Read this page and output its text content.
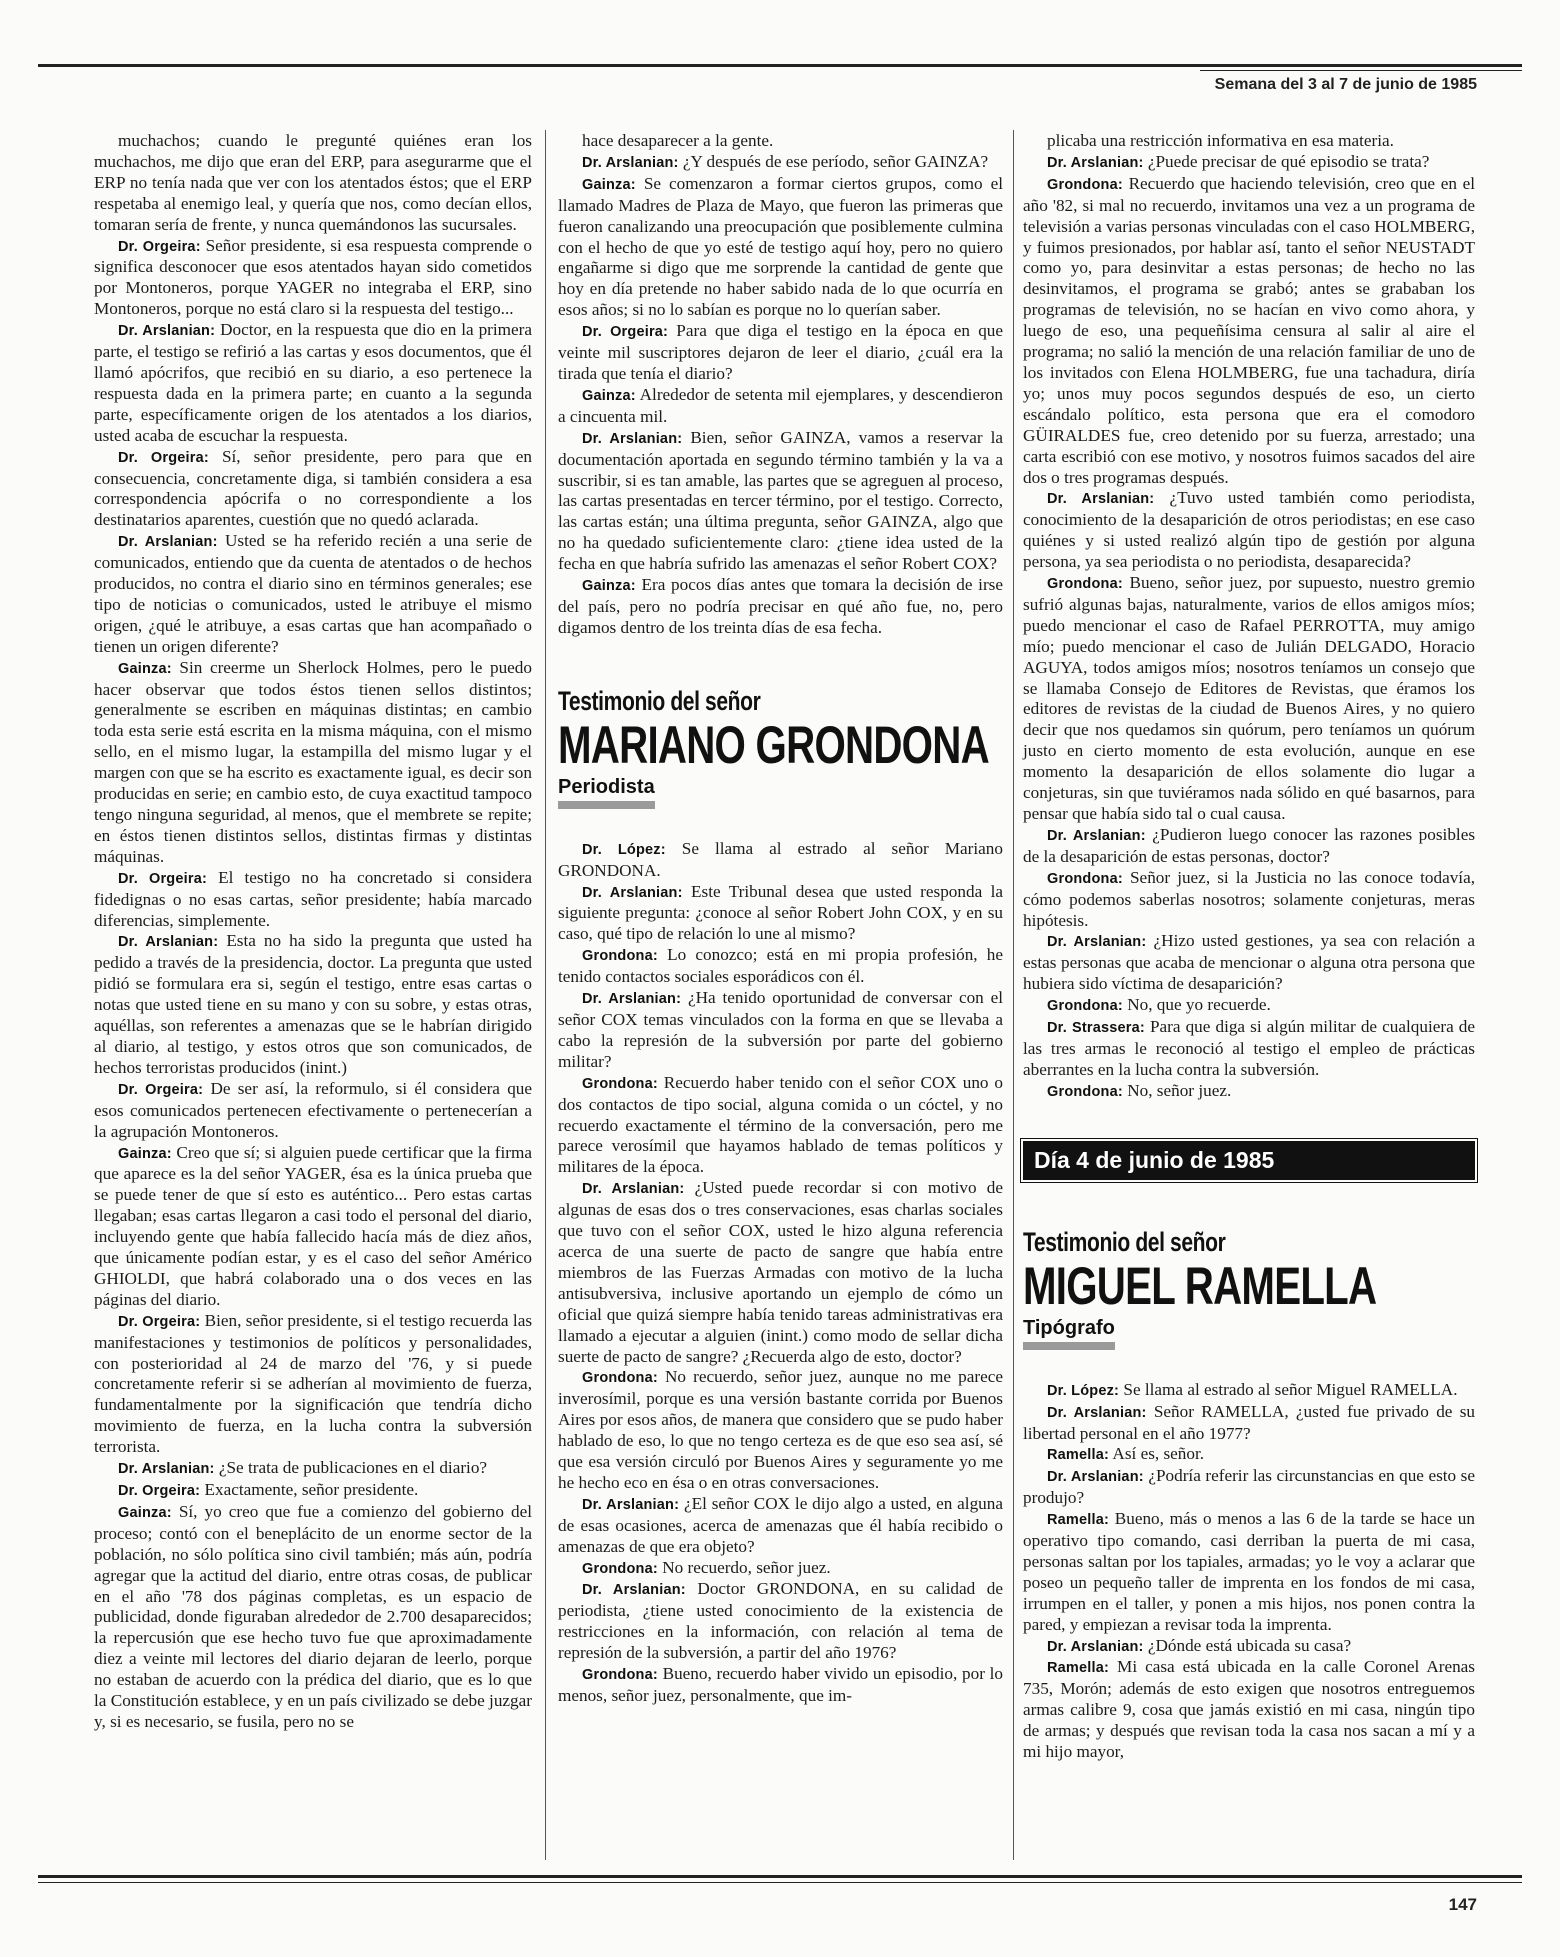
Semana del 3 al 7 de junio de 1985

muchachos; cuando le pregunté quiénes eran los muchachos, me dijo que eran del ERP, para asegurarme que el ERP no tenía nada que ver con los atentados éstos; que el ERP respetaba al enemigo leal, y quería que nos, como decían ellos, tomaran sería de frente, y nunca quemándonos las sucursales.

Dr. Orgeira: Señor presidente, si esa respuesta comprende o significa desconocer que esos atentados hayan sido cometidos por Montoneros, porque YAGER no integraba el ERP, sino Montoneros, porque no está claro si la respuesta del testigo...

Dr. Arslanian: Doctor, en la respuesta que dio en la primera parte, el testigo se refirió a las cartas y esos documentos, que él llamó apócrifos, que recibió en su diario, a eso pertenece la respuesta dada en la primera parte; en cuanto a la segunda parte, específicamente origen de los atentados a los diarios, usted acaba de escuchar la respuesta.

Dr. Orgeira: Sí, señor presidente, pero para que en consecuencia, concretamente diga, si también considera a esa correspondencia apócrifa o no correspondiente a los destinatarios aparentes, cuestión que no quedó aclarada.

Dr. Arslanian: Usted se ha referido recién a una serie de comunicados, entiendo que da cuenta de atentados o de hechos producidos, no contra el diario sino en términos generales; ese tipo de noticias o comunicados, usted le atribuye el mismo origen, ¿qué le atribuye, a esas cartas que han acompañado o tienen un origen diferente?

Gainza: Sin creerme un Sherlock Holmes, pero le puedo hacer observar que todos éstos tienen sellos distintos; generalmente se escriben en máquinas distintas; en cambio toda esta serie está escrita en la misma máquina, con el mismo sello, en el mismo lugar, la estampilla del mismo lugar y el margen con que se ha escrito es exactamente igual, es decir son producidas en serie; en cambio esto, de cuya exactitud tampoco tengo ninguna seguridad, al menos, que el membrete se repite; en éstos tienen distintos sellos, distintas firmas y distintas máquinas.

Dr. Orgeira: El testigo no ha concretado si considera fidedignas o no esas cartas, señor presidente; había marcado diferencias, simplemente.

Dr. Arslanian: Esta no ha sido la pregunta que usted ha pedido a través de la presidencia, doctor. La pregunta que usted pidió se formulara era si, según el testigo, entre esas cartas o notas que usted tiene en su mano y con su sobre, y estas otras, aquéllas, son referentes a amenazas que se le habrían dirigido al diario, al testigo, y estos otros que son comunicados, de hechos terroristas producidos (inint.)

Dr. Orgeira: De ser así, la reformulo, si él considera que esos comunicados pertenecen efectivamente o pertenecerían a la agrupación Montoneros.

Gainza: Creo que sí; si alguien puede certificar que la firma que aparece es la del señor YAGER, ésa es la única prueba que se puede tener de que sí esto es auténtico... Pero estas cartas llegaban; esas cartas llegaron a casi todo el personal del diario, incluyendo gente que había fallecido hacía más de diez años, que únicamente podían estar, y es el caso del señor Américo GHIOLDI, que habrá colaborado una o dos veces en las páginas del diario.

Dr. Orgeira: Bien, señor presidente, si el testigo recuerda las manifestaciones y testimonios de políticos y personalidades, con posterioridad al 24 de marzo del '76, y si puede concretamente referir si se adherían al movimiento de fuerza, fundamentalmente por la significación que tendría dicho movimiento de fuerza, en la lucha contra la subversión terrorista.

Dr. Arslanian: ¿Se trata de publicaciones en el diario?

Dr. Orgeira: Exactamente, señor presidente.

Gainza: Sí, yo creo que fue a comienzo del gobierno del proceso; contó con el beneplácito de un enorme sector de la población, no sólo política sino civil también; más aún, podría agregar que la actitud del diario, entre otras cosas, de publicar en el año '78 dos páginas completas, es un espacio de publicidad, donde figuraban alrededor de 2.700 desaparecidos; la repercusión que ese hecho tuvo fue que aproximadamente diez a veinte mil lectores del diario dejaran de leerlo, porque no estaban de acuerdo con la prédica del diario, que es lo que la Constitución establece, y en un país civilizado se debe juzgar y, si es necesario, se fusila, pero no se

hace desaparecer a la gente.

Dr. Arslanian: ¿Y después de ese período, señor GAINZA?

Gainza: Se comenzaron a formar ciertos grupos, como el llamado Madres de Plaza de Mayo, que fueron las primeras que fueron canalizando una preocupación que posiblemente culmina con el hecho de que yo esté de testigo aquí hoy, pero no quiero engañarme si digo que me sorprende la cantidad de gente que hoy en día pretende no haber sabido nada de lo que ocurría en esos años; si no lo sabían es porque no lo querían saber.

Dr. Orgeira: Para que diga el testigo en la época en que veinte mil suscriptores dejaron de leer el diario, ¿cuál era la tirada que tenía el diario?

Gainza: Alrededor de setenta mil ejemplares, y descendieron a cincuenta mil.

Dr. Arslanian: Bien, señor GAINZA, vamos a reservar la documentación aportada en segundo término también y la va a suscribir, si es tan amable, las partes que se agreguen al proceso, las cartas presentadas en tercer término, por el testigo. Correcto, las cartas están; una última pregunta, señor GAINZA, algo que no ha quedado suficientemente claro: ¿tiene idea usted de la fecha en que habría sufrido las amenazas el señor Robert COX?

Gainza: Era pocos días antes que tomara la decisión de irse del país, pero no podría precisar en qué año fue, no, pero digamos dentro de los treinta días de esa fecha.

Testimonio del señor
MARIANO GRONDONA
Periodista

Dr. López: Se llama al estrado al señor Mariano GRONDONA.

Dr. Arslanian: Este Tribunal desea que usted responda la siguiente pregunta: ¿conoce al señor Robert John COX, y en su caso, qué tipo de relación lo une al mismo?

Grondona: Lo conozco; está en mi propia profesión, he tenido contactos sociales esporádicos con él.

Dr. Arslanian: ¿Ha tenido oportunidad de conversar con el señor COX temas vinculados con la forma en que se llevaba a cabo la represión de la subversión por parte del gobierno militar?

Grondona: Recuerdo haber tenido con el señor COX uno o dos contactos de tipo social, alguna comida o un cóctel, y no recuerdo exactamente el término de la conversación, pero me parece verosímil que hayamos hablado de temas políticos y militares de la época.

Dr. Arslanian: ¿Usted puede recordar si con motivo de algunas de esas dos o tres conservaciones, esas charlas sociales que tuvo con el señor COX, usted le hizo alguna referencia acerca de una suerte de pacto de sangre que había entre miembros de las Fuerzas Armadas con motivo de la lucha antisubversiva, inclusive aportando un ejemplo de cómo un oficial que quizá siempre había tenido tareas administrativas era llamado a ejecutar a alguien (inint.) como modo de sellar dicha suerte de pacto de sangre? ¿Recuerda algo de esto, doctor?

Grondona: No recuerdo, señor juez, aunque no me parece inverosímil, porque es una versión bastante corrida por Buenos Aires por esos años, de manera que considero que se pudo haber hablado de eso, lo que no tengo certeza es de que eso sea así, sé que esa versión circuló por Buenos Aires y seguramente yo me he hecho eco en ésa o en otras conversaciones.

Dr. Arslanian: ¿El señor COX le dijo algo a usted, en alguna de esas ocasiones, acerca de amenazas que él había recibido o amenazas de que era objeto?

Grondona: No recuerdo, señor juez.

Dr. Arslanian: Doctor GRONDONA, en su calidad de periodista, ¿tiene usted conocimiento de la existencia de restricciones en la información, con relación al tema de represión de la subversión, a partir del año 1976?

Grondona: Bueno, recuerdo haber vivido un episodio, por lo menos, señor juez, personalmente, que im-

plicaba una restricción informativa en esa materia.

Dr. Arslanian: ¿Puede precisar de qué episodio se trata?

Grondona: Recuerdo que haciendo televisión, creo que en el año '82, si mal no recuerdo, invitamos una vez a un programa de televisión a varias personas vinculadas con el caso HOLMBERG, y fuimos presionados, por hablar así, tanto el señor NEUSTADT como yo, para desinvitar a estas personas; de hecho no las desinvitamos, el programa se grabó; antes se grababan los programas de televisión, no se hacían en vivo como ahora, y luego de eso, una pequeñísima censura al salir al aire el programa; no salió la mención de una relación familiar de uno de los invitados con Elena HOLMBERG, fue una tachadura, diría yo; unos muy pocos segundos después de eso, un cierto escándalo político, esta persona que era el comodoro GÜIRALDES fue, creo detenido por su fuerza, arrestado; una carta escribió con ese motivo, y nosotros fuimos sacados del aire dos o tres programas después.

Dr. Arslanian: ¿Tuvo usted también como periodista, conocimiento de la desaparición de otros periodistas; en ese caso quiénes y si usted realizó algún tipo de gestión por alguna persona, ya sea periodista o no periodista, desaparecida?

Grondona: Bueno, señor juez, por supuesto, nuestro gremio sufrió algunas bajas, naturalmente, varios de ellos amigos míos; puedo mencionar el caso de Rafael PERROTTA, muy amigo mío; puedo mencionar el caso de Julián DELGADO, Horacio AGUYA, todos amigos míos; nosotros teníamos un consejo que se llamaba Consejo de Editores de Revistas, que éramos los editores de revistas de la ciudad de Buenos Aires, y no quiero decir que nos quedamos sin quórum, pero teníamos un quórum justo en cierto momento de esta evolución, aunque en ese momento la desaparición de ellos solamente dio lugar a conjeturas, sin que tuviéramos nada sólido en qué basarnos, para pensar que había sido tal o cual causa.

Dr. Arslanian: ¿Pudieron luego conocer las razones posibles de la desaparición de estas personas, doctor?

Grondona: Señor juez, si la Justicia no las conoce todavía, cómo podemos saberlas nosotros; solamente conjeturas, meras hipótesis.

Dr. Arslanian: ¿Hizo usted gestiones, ya sea con relación a estas personas que acaba de mencionar o alguna otra persona que hubiera sido víctima de desaparición?

Grondona: No, que yo recuerde.

Dr. Strassera: Para que diga si algún militar de cualquiera de las tres armas le reconoció al testigo el empleo de prácticas aberrantes en la lucha contra la subversión.

Grondona: No, señor juez.

Día 4 de junio de 1985
Testimonio del señor
MIGUEL RAMELLA
Tipógrafo

Dr. López: Se llama al estrado al señor Miguel RAMELLA.

Dr. Arslanian: Señor RAMELLA, ¿usted fue privado de su libertad personal en el año 1977?

Ramella: Así es, señor.

Dr. Arslanian: ¿Podría referir las circunstancias en que esto se produjo?

Ramella: Bueno, más o menos a las 6 de la tarde se hace un operativo tipo comando, casi derriban la puerta de mi casa, personas saltan por los tapiales, armadas; yo le voy a aclarar que poseo un pequeño taller de imprenta en los fondos de mi casa, irrumpen en el taller, y ponen a mis hijos, nos ponen contra la pared, y empiezan a revisar toda la imprenta.

Dr. Arslanian: ¿Dónde está ubicada su casa?

Ramella: Mi casa está ubicada en la calle Coronel Arenas 735, Morón; además de esto exigen que nosotros entreguemos armas calibre 9, cosa que jamás existió en mi casa, ningún tipo de armas; y después que revisan toda la casa nos sacan a mí y a mi hijo mayor,

147
